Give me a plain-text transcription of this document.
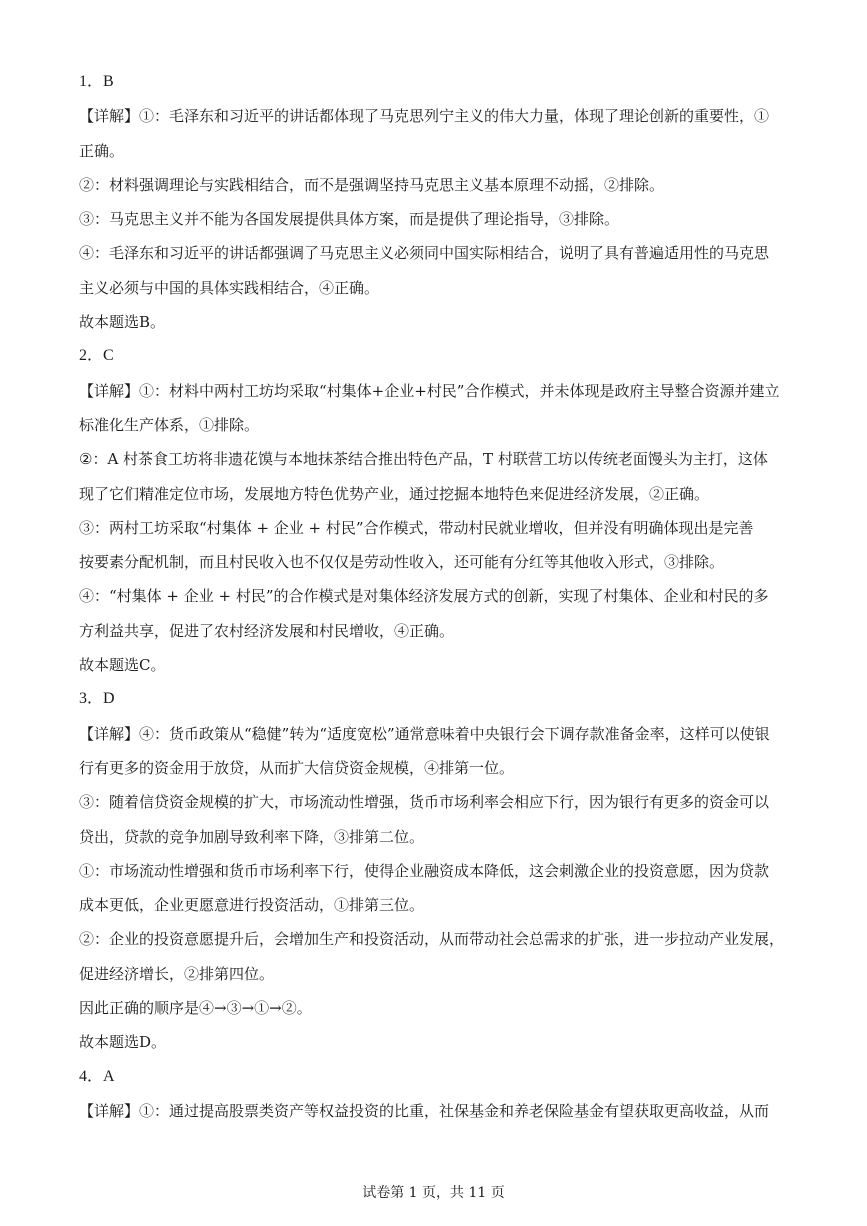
1．B
【详解】①：毛泽东和习近平的讲话都体现了马克思列宁主义的伟大力量，体现了理论创新的重要性，①
正确。
②：材料强调理论与实践相结合，而不是强调坚持马克思主义基本原理不动摇，②排除。
③：马克思主义并不能为各国发展提供具体方案，而是提供了理论指导，③排除。
④：毛泽东和习近平的讲话都强调了马克思主义必须同中国实际相结合，说明了具有普遍适用性的马克思
主义必须与中国的具体实践相结合，④正确。
故本题选B。
2．C
【详解】①：材料中两村工坊均采取“村集体+企业+村民”合作模式，并未体现是政府主导整合资源并建立
标准化生产体系，①排除。
②：A 村茶食工坊将非遗花馍与本地抹茶结合推出特色产品，T 村联营工坊以传统老面馒头为主打，这体
现了它们精准定位市场，发展地方特色优势产业，通过挖掘本地特色来促进经济发展，②正确。
③：两村工坊采取“村集体 + 企业 + 村民”合作模式，带动村民就业增收，但并没有明确体现出是完善
按要素分配机制，而且村民收入也不仅仅是劳动性收入，还可能有分红等其他收入形式，③排除。
④：“村集体 + 企业 + 村民”的合作模式是对集体经济发展方式的创新，实现了村集体、企业和村民的多
方利益共享，促进了农村经济发展和村民增收，④正确。
故本题选C。
3．D
【详解】④：货币政策从“稳健”转为“适度宽松”通常意味着中央银行会下调存款准备金率，这样可以使银
行有更多的资金用于放贷，从而扩大信贷资金规模，④排第一位。
③：随着信贷资金规模的扩大，市场流动性增强，货币市场利率会相应下行，因为银行有更多的资金可以
贷出，贷款的竞争加剧导致利率下降，③排第二位。
①：市场流动性增强和货币市场利率下行，使得企业融资成本降低，这会刺激企业的投资意愿，因为贷款
成本更低，企业更愿意进行投资活动，①排第三位。
②：企业的投资意愿提升后，会增加生产和投资活动，从而带动社会总需求的扩张，进一步拉动产业发展，
促进经济增长，②排第四位。
因此正确的顺序是④→③→①→②。
故本题选D。
4．A
【详解】①：通过提高股票类资产等权益投资的比重，社保基金和养老保险基金有望获取更高收益，从而
试卷第 1 页，共 11 页
